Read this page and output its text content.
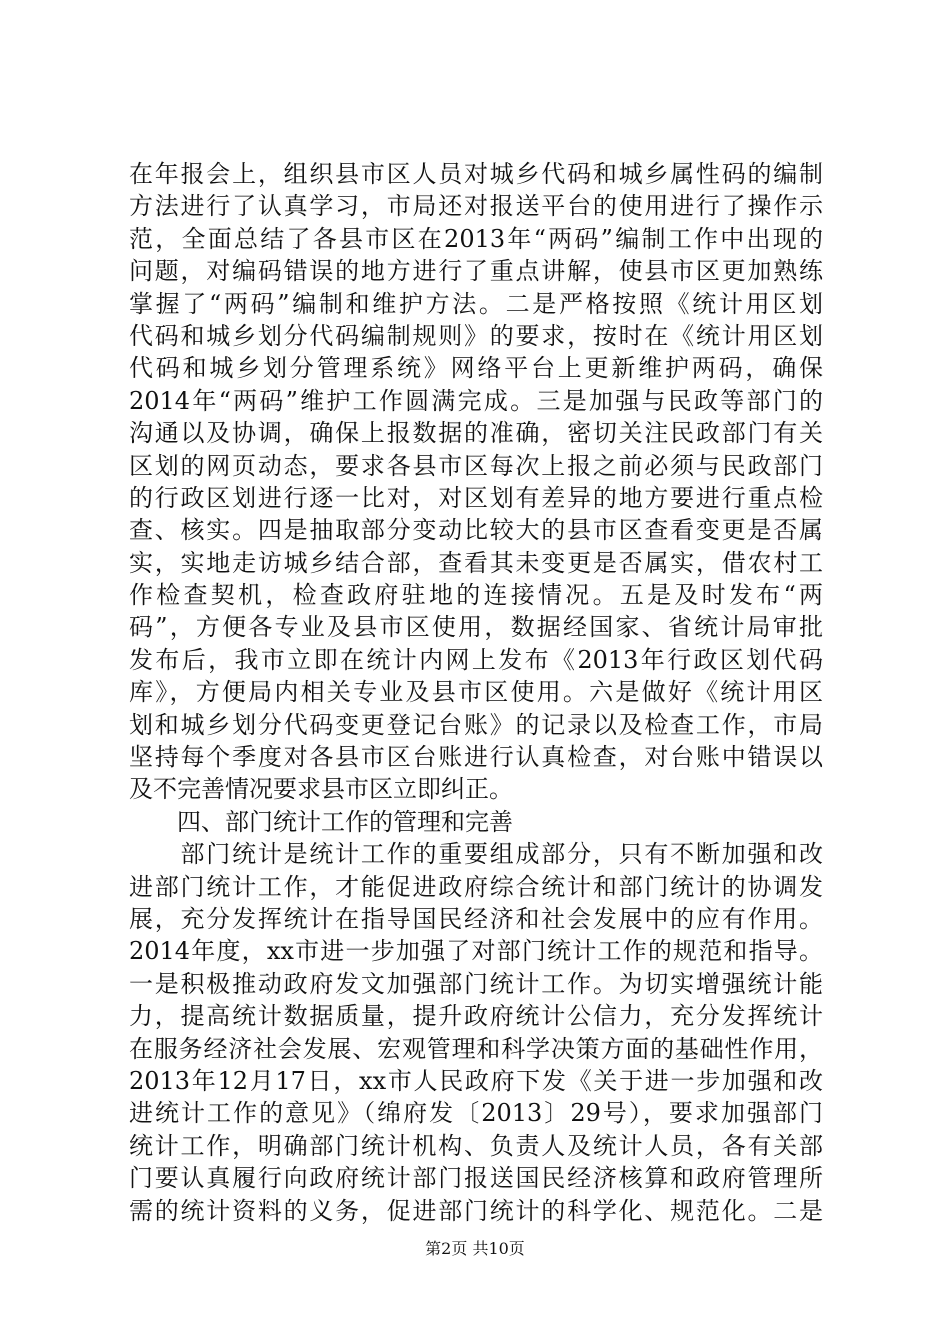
在年报会上，组织县市区人员对城乡代码和城乡属性码的编制
方法进行了认真学习，市局还对报送平台的使用进行了操作示
范，全面总结了各县市区在2013年“两码”编制工作中出现的
问题，对编码错误的地方进行了重点讲解，使县市区更加熟练
掌握了“两码”编制和维护方法。二是严格按照《统计用区划
代码和城乡划分代码编制规则》的要求，按时在《统计用区划
代码和城乡划分管理系统》网络平台上更新维护两码，确保
2014年“两码”维护工作圆满完成。三是加强与民政等部门的
沟通以及协调，确保上报数据的准确，密切关注民政部门有关
区划的网页动态，要求各县市区每次上报之前必须与民政部门
的行政区划进行逐一比对，对区划有差异的地方要进行重点检
查、核实。四是抽取部分变动比较大的县市区查看变更是否属
实，实地走访城乡结合部，查看其未变更是否属实，借农村工
作检查契机，检查政府驻地的连接情况。五是及时发布“两
码”，方便各专业及县市区使用，数据经国家、省统计局审批
发布后，我市立即在统计内网上发布《2013年行政区划代码
库》，方便局内相关专业及县市区使用。六是做好《统计用区
划和城乡划分代码变更登记台账》的记录以及检查工作，市局
坚持每个季度对各县市区台账进行认真检查，对台账中错误以
及不完善情况要求县市区立即纠正。
　　四、部门统计工作的管理和完善
　　部门统计是统计工作的重要组成部分，只有不断加强和改
进部门统计工作，才能促进政府综合统计和部门统计的协调发
展，充分发挥统计在指导国民经济和社会发展中的应有作用。
2014年度，xx市进一步加强了对部门统计工作的规范和指导。
一是积极推动政府发文加强部门统计工作。为切实增强统计能
力，提高统计数据质量，提升政府统计公信力，充分发挥统计
在服务经济社会发展、宏观管理和科学决策方面的基础性作用，
2013年12月17日，xx市人民政府下发《关于进一步加强和改
进统计工作的意见》（绵府发〔2013〕29号），要求加强部门
统计工作，明确部门统计机构、负责人及统计人员，各有关部
门要认真履行向政府统计部门报送国民经济核算和政府管理所
需的统计资料的义务，促进部门统计的科学化、规范化。二是
第2页 共10页
